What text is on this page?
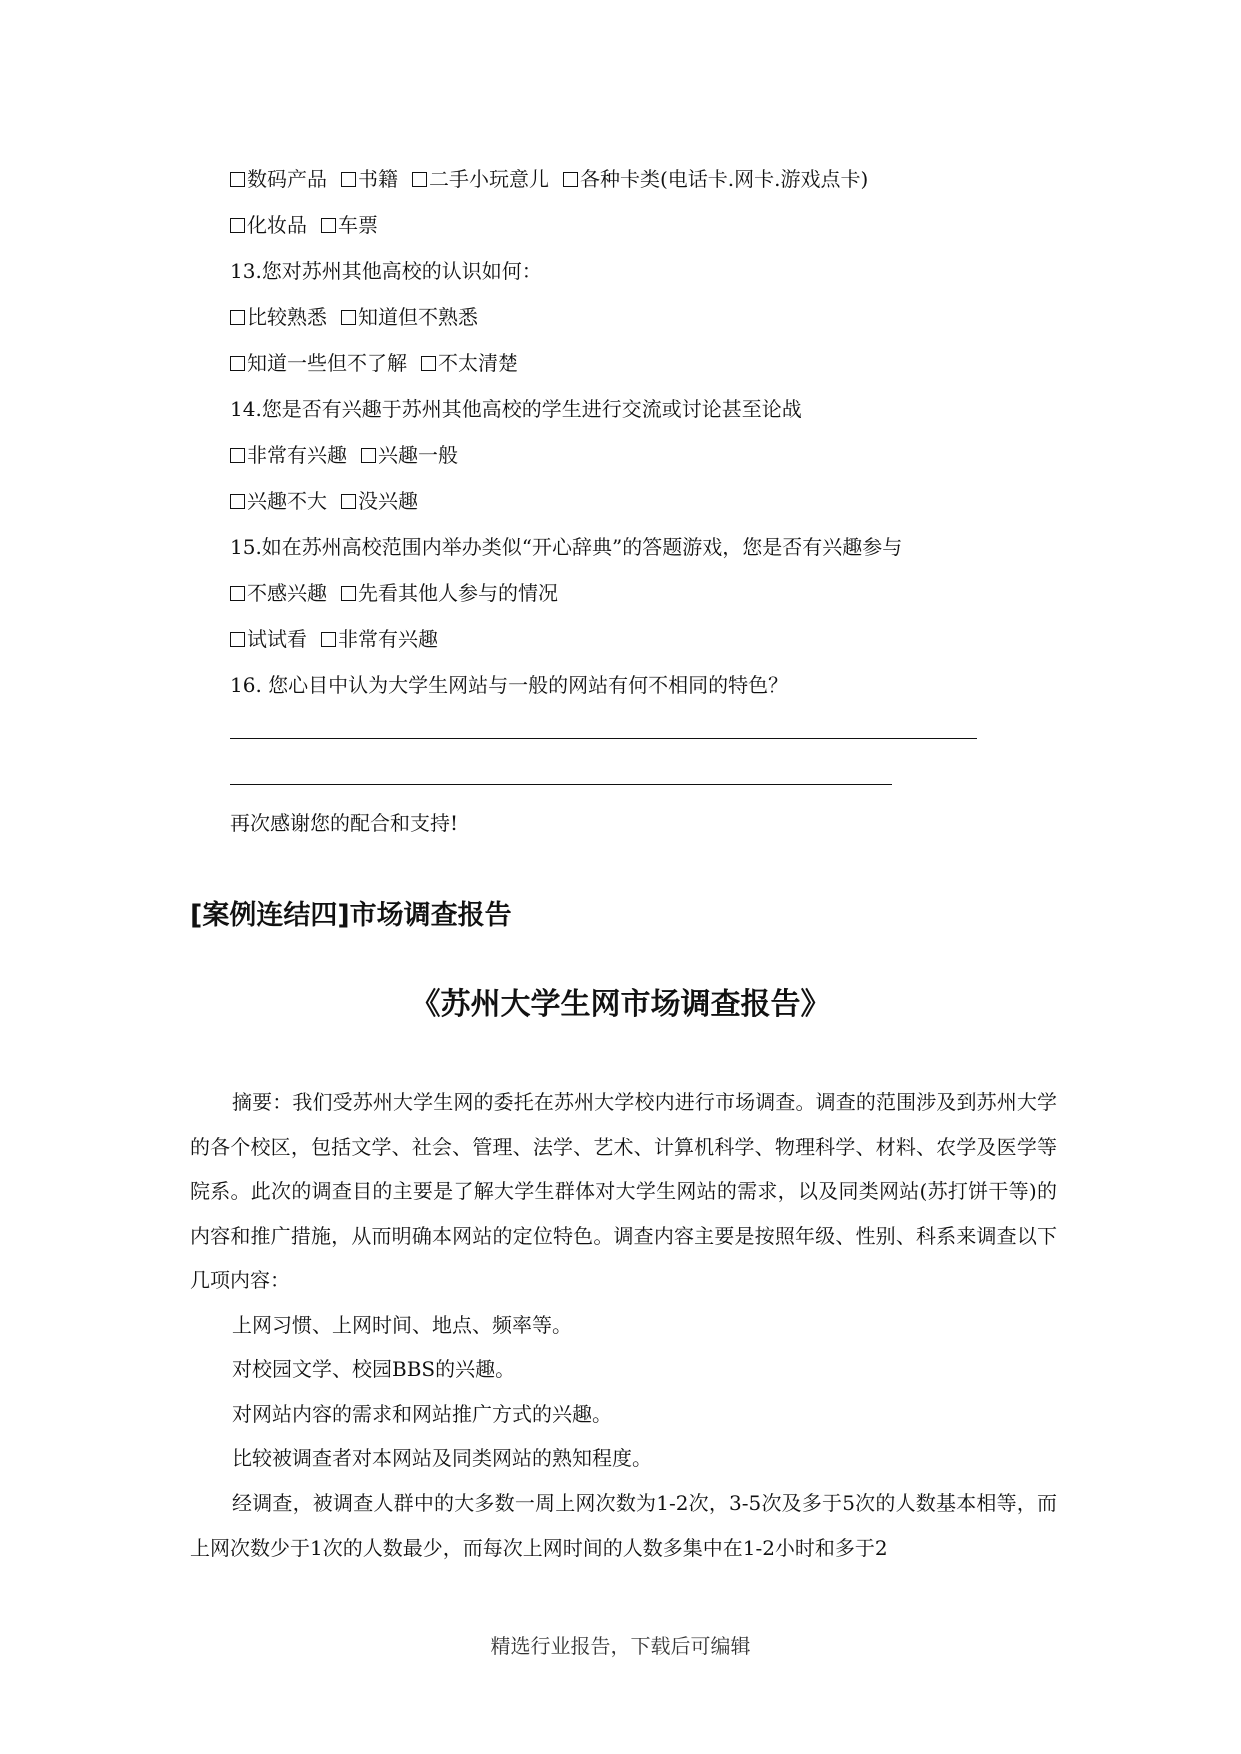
数码产品 书籍 二手小玩意儿 各种卡类(电话卡.网卡.游戏点卡)
化妆品 车票

13.您对苏州其他高校的认识如何：

比较熟悉 知道但不熟悉
知道一些但不了解 不太清楚

14.您是否有兴趣于苏州其他高校的学生进行交流或讨论甚至论战

非常有兴趣 兴趣一般
兴趣不大 没兴趣

15.如在苏州高校范围内举办类似“开心辞典”的答题游戏，您是否有兴趣参与

不感兴趣 先看其他人参与的情况
试试看 非常有兴趣

16. 您心目中认为大学生网站与一般的网站有何不相同的特色？

再次感谢您的配合和支持!

[案例连结四]市场调查报告
《苏州大学生网市场调查报告》

摘要：我们受苏州大学生网的委托在苏州大学校内进行市场调查。调查的范围涉及到苏州大学的各个校区，包括文学、社会、管理、法学、艺术、计算机科学、物理科学、材料、农学及医学等院系。此次的调查目的主要是了解大学生群体对大学生网站的需求，以及同类网站(苏打饼干等)的内容和推广措施，从而明确本网站的定位特色。调查内容主要是按照年级、性别、科系来调查以下几项内容：

上网习惯、上网时间、地点、频率等。

对校园文学、校园BBS的兴趣。

对网站内容的需求和网站推广方式的兴趣。

比较被调查者对本网站及同类网站的熟知程度。

经调查，被调查人群中的大多数一周上网次数为1-2次，3-5次及多于5次的人数基本相等，而上网次数少于1次的人数最少，而每次上网时间的人数多集中在1-2小时和多于2

精选行业报告，下载后可编辑
